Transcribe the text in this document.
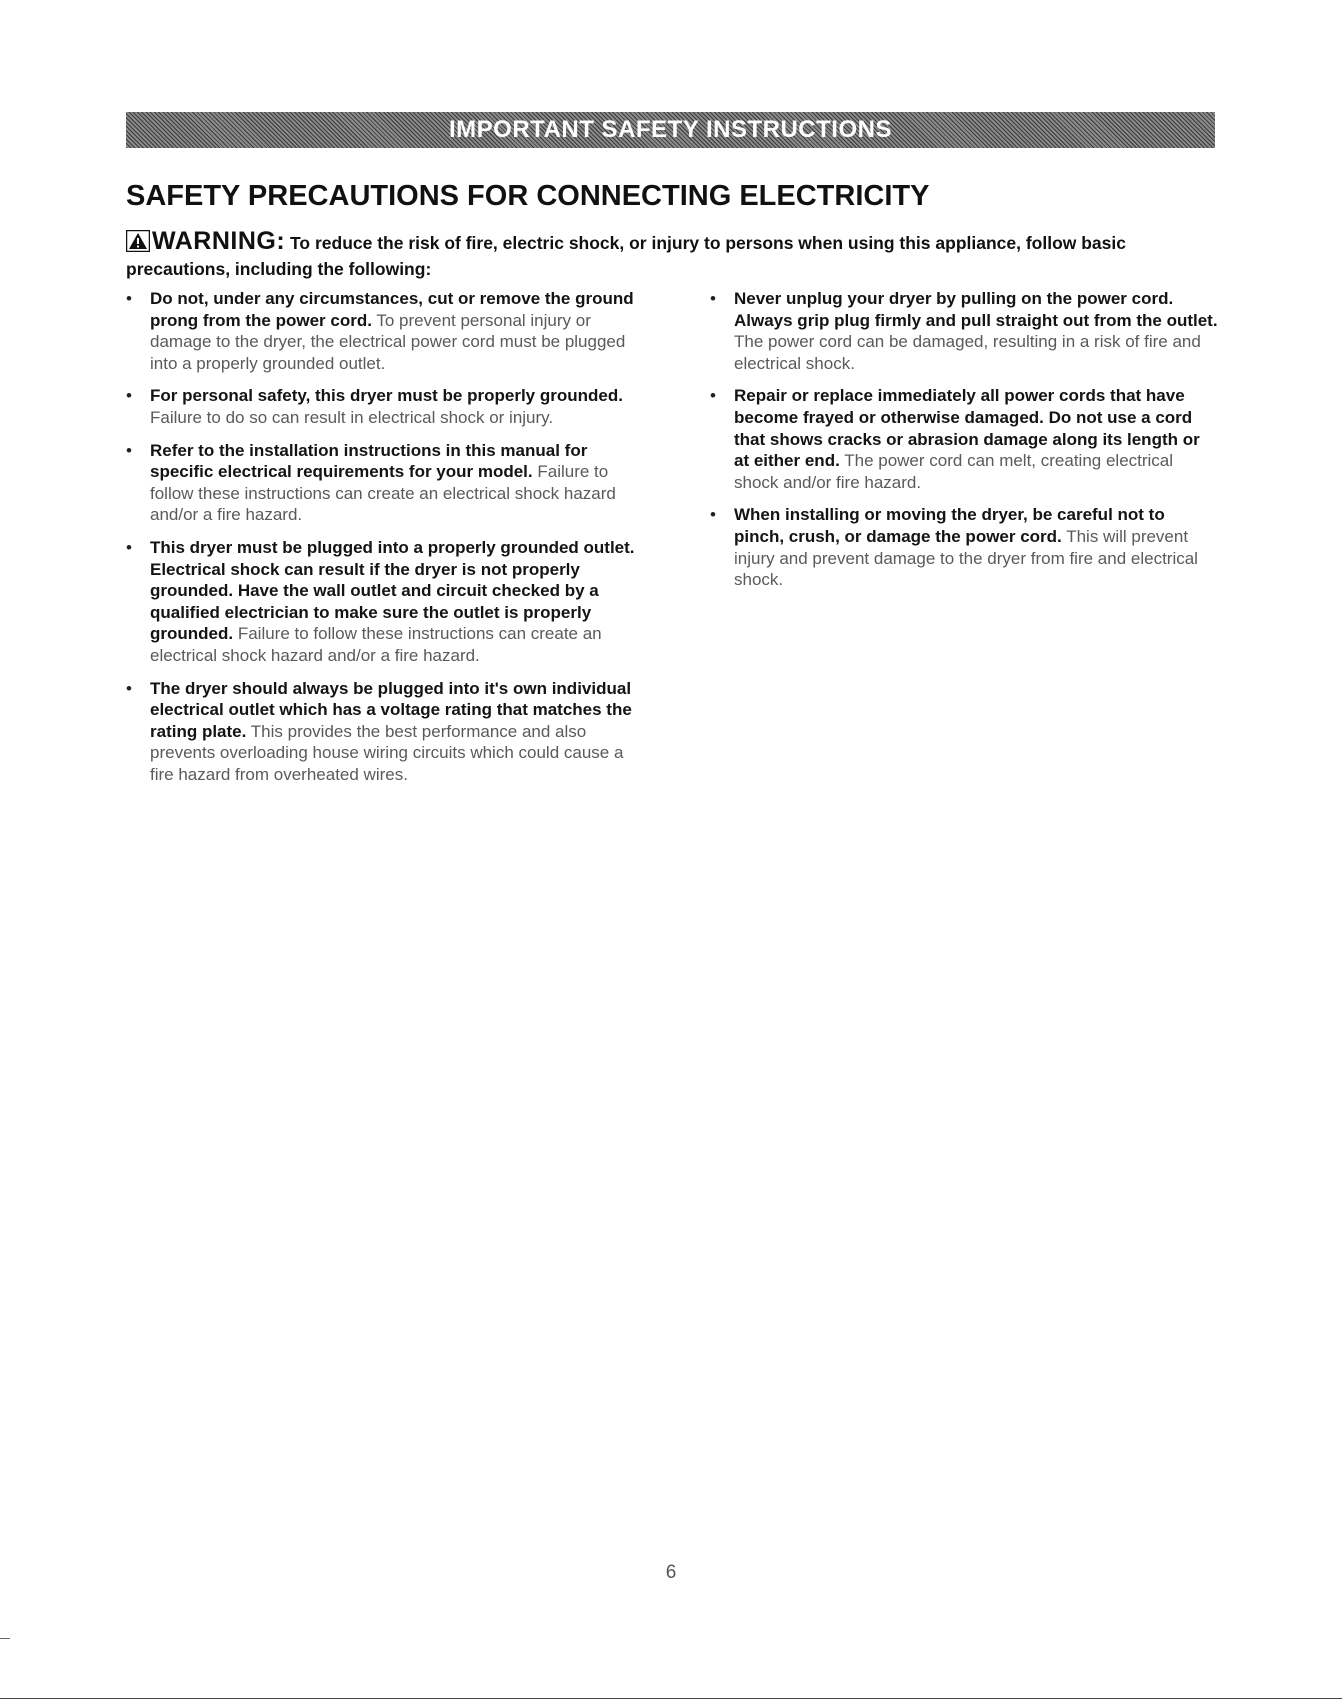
IMPORTANT SAFETY INSTRUCTIONS
SAFETY PRECAUTIONS FOR CONNECTING ELECTRICITY

WARNING: To reduce the risk of fire, electric shock, or injury to persons when using this appliance, follow basic precautions, including the following:

• Do not, under any circumstances, cut or remove the ground prong from the power cord. To prevent personal injury or damage to the dryer, the electrical power cord must be plugged into a properly grounded outlet.
• For personal safety, this dryer must be properly grounded. Failure to do so can result in electrical shock or injury.
• Refer to the installation instructions in this manual for specific electrical requirements for your model. Failure to follow these instructions can create an electrical shock hazard and/or a fire hazard.
• This dryer must be plugged into a properly grounded outlet. Electrical shock can result if the dryer is not properly grounded. Have the wall outlet and circuit checked by a qualified electrician to make sure the outlet is properly grounded. Failure to follow these instructions can create an electrical shock hazard and/or a fire hazard.
• The dryer should always be plugged into it's own individual electrical outlet which has a voltage rating that matches the rating plate. This provides the best performance and also prevents overloading house wiring circuits which could cause a fire hazard from overheated wires.
• Never unplug your dryer by pulling on the power cord. Always grip plug firmly and pull straight out from the outlet. The power cord can be damaged, resulting in a risk of fire and electrical shock.
• Repair or replace immediately all power cords that have become frayed or otherwise damaged. Do not use a cord that shows cracks or abrasion damage along its length or at either end. The power cord can melt, creating electrical shock and/or fire hazard.
• When installing or moving the dryer, be careful not to pinch, crush, or damage the power cord. This will prevent injury and prevent damage to the dryer from fire and electrical shock.
6
